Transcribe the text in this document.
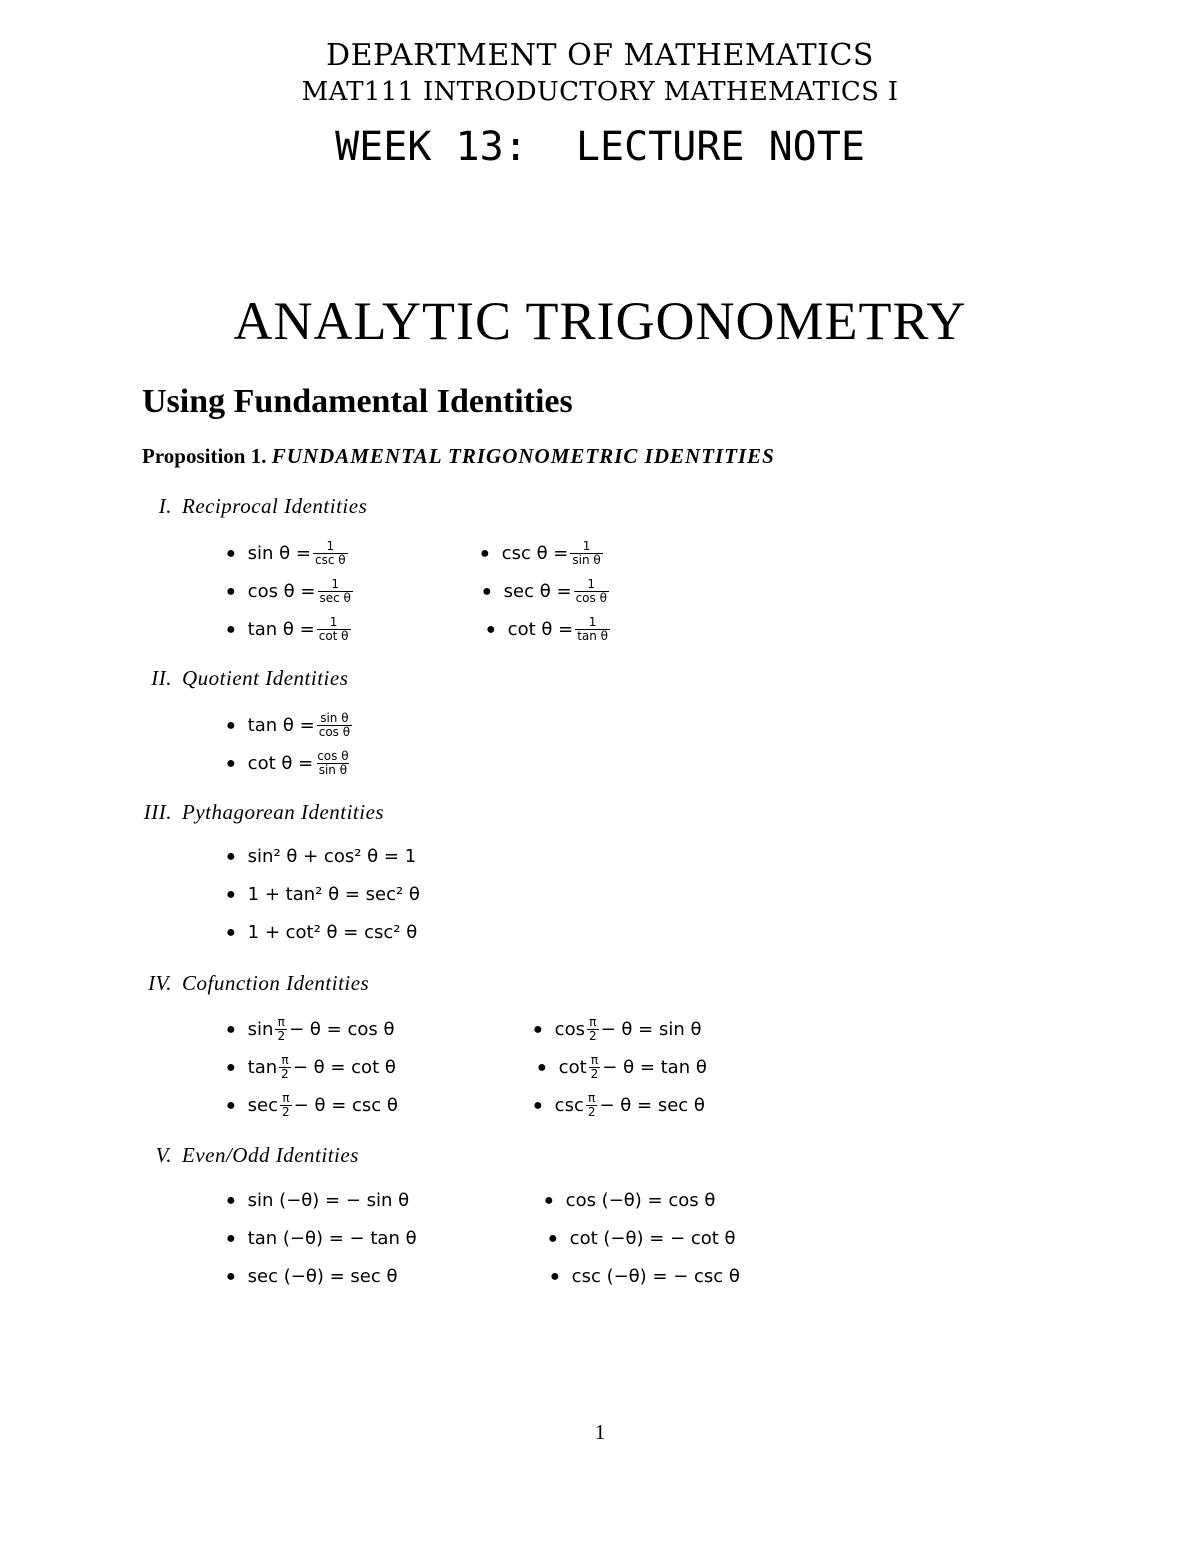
DEPARTMENT OF MATHEMATICS
MAT111 INTRODUCTORY MATHEMATICS I
WEEK 13:  LECTURE NOTE
ANALYTIC TRIGONOMETRY
Using Fundamental Identities
Proposition 1. FUNDAMENTAL TRIGONOMETRIC IDENTITIES
I. Reciprocal Identities
● $\sin \theta = \frac{1}{\text{csc θ}}$
● $\cos \theta = \frac{1}{\text{sec θ}}$
● $\tan \theta = \frac{1}{\text{cot θ}}$
● $\csc \theta = \frac{1}{\text{sin θ}}$
● $\sec \theta = \frac{1}{\text{cos θ}}$
● $\cot \theta = \frac{1}{\text{tan θ}}$
II. Quotient Identities
● $\tan \theta = \frac{\text{sin θ}}{\text{cos θ}}$
● $\cot \theta = \frac{\text{cos θ}}{\text{sin θ}}$
III. Pythagorean Identities
● sin² θ + cos² θ = 1
● 1 + tan² θ = sec² θ
● 1 + cot² θ = csc² θ
IV. Cofunction Identities
● $\sin \frac{\pi}{2} - \theta = \cos \theta$
● $\tan \frac{\pi}{2} - \theta = \cot \theta$
● $\sec \frac{\pi}{2} - \theta = \csc \theta$
● $\cos \frac{\pi}{2} - \theta = \sin \theta$
● $\cot \frac{\pi}{2} - \theta = \tan \theta$
● $\csc \frac{\pi}{2} - \theta = \sec \theta$
V. Even/Odd Identities
● sin (−θ) = − sin θ
● tan (−θ) = − tan θ
● sec (−θ) = sec θ
● cos (−θ) = cos θ
● cot (−θ) = − cot θ
● csc (−θ) = − csc θ
1
